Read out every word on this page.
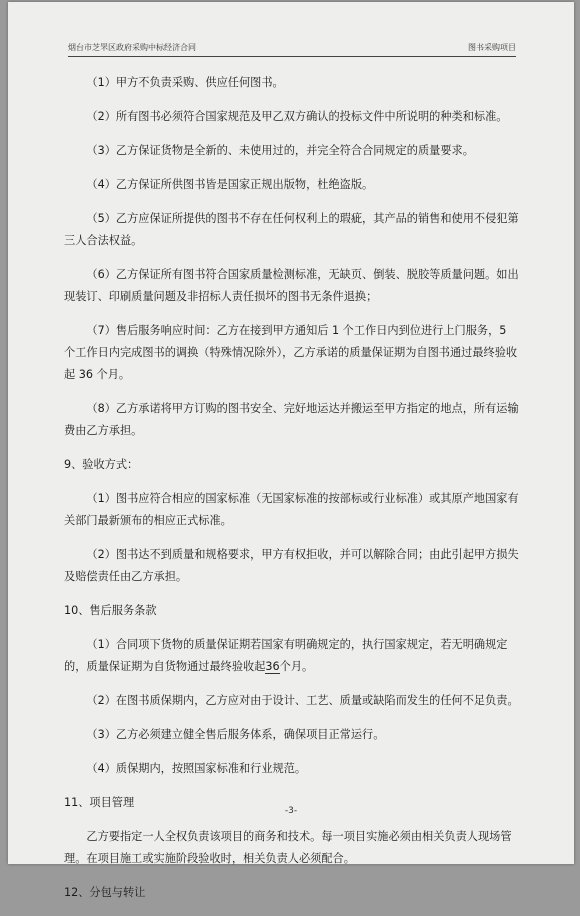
烟台市芝罘区政府采购中标经济合同	图书采购项目

（1）甲方不负责采购、供应任何图书。

（2）所有图书必须符合国家规范及甲乙双方确认的投标文件中所说明的种类和标准。

（3）乙方保证货物是全新的、未使用过的，并完全符合合同规定的质量要求。

（4）乙方保证所供图书皆是国家正规出版物，杜绝盗版。

（5）乙方应保证所提供的图书不存在任何权利上的瑕疵，其产品的销售和使用不侵犯第三人合法权益。

（6）乙方保证所有图书符合国家质量检测标准，无缺页、倒装、脱胶等质量问题。如出现装订、印刷质量问题及非招标人责任损坏的图书无条件退换；

（7）售后服务响应时间：乙方在接到甲方通知后 1 个工作日内到位进行上门服务，5 个工作日内完成图书的调换（特殊情况除外），乙方承诺的质量保证期为自图书通过最终验收起 36 个月。

（8）乙方承诺将甲方订购的图书安全、完好地运达并搬运至甲方指定的地点，所有运输费由乙方承担。

9、验收方式：

（1）图书应符合相应的国家标准（无国家标准的按部标或行业标准）或其原产地国家有关部门最新颁布的相应正式标准。

（2）图书达不到质量和规格要求，甲方有权拒收，并可以解除合同；由此引起甲方损失及赔偿责任由乙方承担。

10、售后服务条款

（1）合同项下货物的质量保证期若国家有明确规定的，执行国家规定，若无明确规定的，质量保证期为自货物通过最终验收起36个月。

（2）在图书质保期内，乙方应对由于设计、工艺、质量或缺陷而发生的任何不足负责。

（3）乙方必须建立健全售后服务体系，确保项目正常运行。

（4）质保期内，按照国家标准和行业规范。

11、项目管理

乙方要指定一人全权负责该项目的商务和技术。每一项目实施必须由相关负责人现场管理。在项目施工或实施阶段验收时，相关负责人必须配合。

12、分包与转让

-3-
